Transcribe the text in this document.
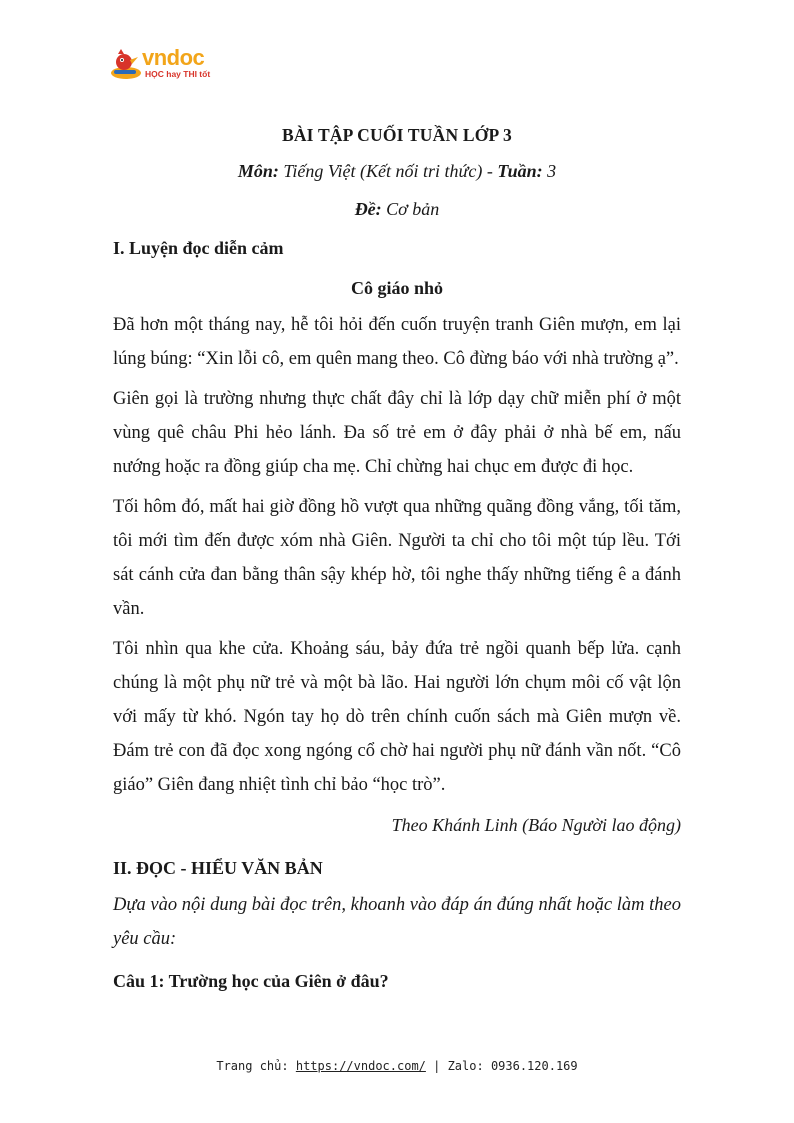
vndoc
HỌC hay THI tốt

BÀI TẬP CUỐI TUẦN LỚP 3

Môn: Tiếng Việt (Kết nối tri thức) - Tuần: 3

Đề: Cơ bản

I. Luyện đọc diễn cảm

Cô giáo nhỏ

Đã hơn một tháng nay, hễ tôi hỏi đến cuốn truyện tranh Giên mượn, em lại lúng búng: “Xin lỗi cô, em quên mang theo. Cô đừng báo với nhà trường ạ”.

Giên gọi là trường nhưng thực chất đây chỉ là lớp dạy chữ miễn phí ở một vùng quê châu Phi hẻo lánh. Đa số trẻ em ở đây phải ở nhà bế em, nấu nướng hoặc ra đồng giúp cha mẹ. Chỉ chừng hai chục em được đi học.

Tối hôm đó, mất hai giờ đồng hồ vượt qua những quãng đồng vắng, tối tăm, tôi mới tìm đến được xóm nhà Giên. Người ta chỉ cho tôi một túp lều. Tới sát cánh cửa đan bằng thân sậy khép hờ, tôi nghe thấy những tiếng ê a đánh vần.

Tôi nhìn qua khe cửa. Khoảng sáu, bảy đứa trẻ ngồi quanh bếp lửa. cạnh chúng là một phụ nữ trẻ và một bà lão. Hai người lớn chụm môi cố vật lộn với mấy từ khó. Ngón tay họ dò trên chính cuốn sách mà Giên mượn về. Đám trẻ con đã đọc xong ngóng cổ chờ hai người phụ nữ đánh vần nốt. “Cô giáo” Giên đang nhiệt tình chỉ bảo “học trò”.

Theo Khánh Linh (Báo Người lao động)

II. ĐỌC - HIỂU VĂN BẢN

Dựa vào nội dung bài đọc trên, khoanh vào đáp án đúng nhất hoặc làm theo yêu cầu:

Câu 1: Trường học của Giên ở đâu?

Trang chủ: https://vndoc.com/ | Zalo: 0936.120.169
